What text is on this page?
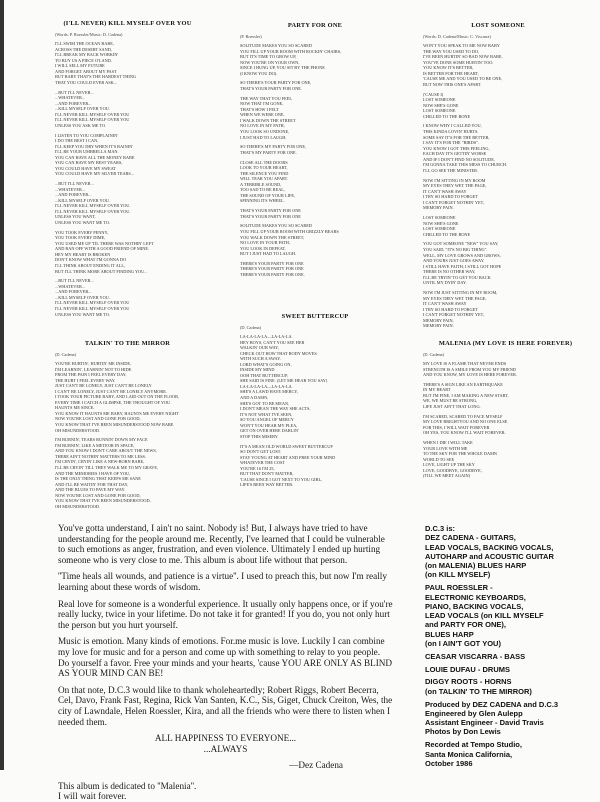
(I'LL NEVER) KILL MYSELF OVER YOU
(Words: P. Roessler/Music: D. Cadena)
I'LL SWIM THE OCEAN BABE,
ACROSS THE DESERT SAND,
I'LL BREAK MY BACK WORKIN'
TO BUY US A PIECE O'LAND.
I WILL SELL MY FUTURE
AND FORGET ABOUT MY PAST
BUT BABY THAT'S THE HARDEST THING
THAT YOU COULD EVER ASK...
...BUT I'LL NEVER...
...WHATEVER...
...AND FOREVER...
...KILL MYSELF OVER YOU.
I'LL NEVER KILL MYSELF OVER YOU
I'LL NEVER KILL MYSELF OVER YOU
UNLESS YOU ASK ME TO.
I LISTEN TO YOU COMPLAININ'
I DO THE BEST I CAN,
I'LL KEEP YOU DRY WHEN IT'S RAININ'
I'LL BE YOUR UMBRELLA MAN.
YOU CAN HAVE ALL THE MONEY BABE
YOU CAN HAVE MY BEST YEARS,
YOU COULD HAVE MY SWEAT
YOU COULD HAVE MY SILVER TEARS...
...BUT I'LL NEVER...
...WHATEVER...
...AND FOREVER...
...KILL MYSELF OVER YOU.
I'LL NEVER KILL MYSELF OVER YOU.
I'LL NEVER KILL MYSELF OVER YOU.
UNLESS YOU WANT,
UNLESS YOU WANT ME TO.
YOU TOOK EVERY PENNY,
YOU TOOK EVERY DIME,
YOU USED ME UP 'TIL THERE WAS NOTHIN' LEFT
AND RAN OFF WITH A GOOD FRIEND OF MINE.
HEY MY HEART IS BROKEN
DON'T KNOW WHAT I'M GONNA DO
I'LL THINK ABOUT ENDING IT ALL,
BUT I'LL THINK MORE ABOUT FINDING YOU...
...BUT I'LL NEVER...
...WHATEVER...
...AND FOREVER...
...KILL MYSELF OVER YOU.
I'LL NEVER KILL MYSELF OVER YOU
I'LL NEVER KILL MYSELF OVER YOU
UNLESS YOU WANT ME TO.
TALKIN' TO THE MIRROR
(D. Cadena)
YOU'RE HURTIN', HURTIN' ME INSIDE,
I'M LEARNIN', LEARNIN' NOT TO HIDE
FROM THE PAIN I FEEL EVERY DAY,
THE HURT I FEEL EVERY WAY.
JUST CAN'T BE LONELY, JUST CAN'T BE LONELY
I CAN'T BE LONELY, JUST CAN'T BE LONELY ANYMORE.
I TOOK YOUR PICTURE BABY, AND LAID OUT ON THE FLOOR,
EVERY TIME I CATCH A GLIMPSE, THE THOUGHT OF YOU
HAUNTS ME SINCE.
YOU KNOW IT HAUNTS ME BABY, HAUNTS ME EVERY NIGHT
NOW YOU'RE LOST AND GONE FOR GOOD,
YOU KNOW THAT I'VE BEEN MISUNDERSTOOD NOW BABE
OH MISUNDERSTOOD.
I'M BURNIN', TEARS RUNNIN' DOWN MY FACE
I'M BURNIN', LIKE A METEOR IN SPACE,
AND YOU KNOW I DON'T CARE ABOUT THE NEWS,
THERE AIN'T NOTHIN' MATTERS TO ME LESS.
I'M CRYIN', CRYIN' LIKE A NEW-BORN BABE,
I'LL BE CRYIN' TILL THEY WALK ME TO MY GRAVE,
AND THE MEMORIES I HAVE OF YOU,
IS THE ONLY THING THAT KEEPS ME SANE
AND I'LL BE WAITIN' FOR THAT DAY,
AND THE BLUES TO PAVE MY WAY.
NOW YOU'RE LOST AND GONE FOR GOOD,
YOU KNOW THAT I'VE BEEN MISUNDERSTOOD,
OH MISUNDERSTOOD.
PARTY FOR ONE
(P. Roessler)
SOLITUDE MAKES YOU SO SCARED
YOU FILL UP YOUR ROOM WITH ROCKIN' CHAIRS,
BUT IT'S TIME TO GROW UP,
NOW YOU'RE ON YOUR OWN,
SINCE I HUNG UP, YOU SIT BY THE PHONE
(I KNOW YOU DO).
SO THERE'S YOUR PARTY FOR ONE,
THAT'S YOUR PARTY FOR ONE.
THE WAY THAT YOU FEEL
NOW THAT I'M GONE,
THAT'S HOW I FELT
WHEN WE WERE ONE.
I WALK DOWN THE STREET
NO LOVE IN MY PATH,
YOU LOOK SO UNDONE,
I JUST HAD TO LAUGH.
SO THERE'S MY PARTY FOR ONE,
THAT'S MY PARTY FOR ONE.
CLOSE ALL THE DOORS
LOOK TO YOUR HEART,
THE SILENCE YOU FIND
WILL TEAR YOU APART.
A TERRIBLE SOUND,
TOO SAD TO BE REAL,
THE SOUND OF YOUR LIFE,
SPINNING ITS WHEEL.
THAT'S YOUR PARTY FOR ONE
THAT'S YOUR PARTY FOR ONE
SOLITUDE MAKES YOU SO SCARED
YOU FILL UP YOUR ROOM WITH GRIZZLY BEARS
YOU WALK DOWN THE STREET,
NO LOVE IN YOUR PATH,
YOU LOOK IN DEFEAT,
BUT I JUST HAD TO LAUGH.
THERE'S YOUR PARTY FOR ONE
THERE'S YOUR PARTY FOR ONE
THERE'S YOUR PARTY FOR ONE.
SWEET BUTTERCUP
(D. Cadena)
LA-LA-LA-LA—LA-LA-LA.
HEY BOYS, CAN'T YOU SEE HER
WALKIN' OUR WAY,
CHECK OUT HOW THAT BODY MOVES
WITH SUCH A SWAY.
LORD WHAT'S GOING ON,
INSIDE MY MIND
OOH THAT BUTTERCUP,
SHE SAID IS FINE. (LET ME HEAR YOU SAY)
LA-LA-LA-LA—LA-LA-LA.
SHE'S A LAWD HAVE MERCY,
AND A DAMN,
SHE'S GOT TO BE MEAN,
I DON'T MEAN THE WAY SHE ACTS,
IT'S NOT WHAT I'VE SEEN,
SO YOU ANGEL OF MERCY
WON'T YOU HEAR MY PLEA,
GET ON OVER HERE DARLIN'
STOP THIS MISERY.
IT'S A MEAN OLD WORLD SWEET BUTTERCUP
SO DON'T GET LOST.
STAY YOUNG AT HEART AND FREE YOUR MIND
WHATEVER THE COST
YOU'RE 16 I'M 25,
BUT THAT DON'T MATTER,
'CAUSE SINCE I GOT NEXT TO YOU GIRL,
LIFE'S BEEN WAY BETTER.
LOST SOMEONE
(Words: D. Cadena/Music: C. Viscarra)
WON'T YOU SPEAK TO ME NOW BABY
THE WAY YOU USED TO DO,
I'VE BEEN HURTIN' SO BAD NOW BABE,
YOU'VE DONE SOME HURTIN' TOO.
YOU KNOW IT'S BETTER,
IS BETTER FOR THE HEART,
'CAUSE ME AND YOU USED TO BE ONE,
BUT NOW THIS ONE'S APART.
('CAUSE I)
LOST SOMEONE
NOW SHE'S GONE
LOST SOMEONE
CHILLED TO THE BONE
I KNOW WHY I CALLED YOU,
THIS KINDA LOVIN' HURTS.
SOME SAY IT'S FOR THE BETTER,
I SAY IT'S FOR THE "BIRDS".
YOU KNOW I GOT THIS FEELING,
EACH DAY IT'S GETTIN' WORSE
AND IF I DON'T FIND NO SOLITUDE,
I'M GONNA TAKE THIS MESS TO CHURCH.
I'LL GO SEE THE MINISTER.
NOW I'M SITTING IN MY ROOM
MY EYES THEY WET THE PAGE,
IT CAN'T WASH AWAY
I TRY SO HARD TO FORGET
I CAN'T FORGET NOTHIN' YET,
MEMORY PAIN.
LOST SOMEONE
NOW SHE'S GONE
LOST SOMEONE
CHILLED TO THE BONE
YOU GOT SOMEONE "NEW" YOU SAY,
YOU SAID, "IT'S NO BIG THING".
WELL, MY LOVE GROWS AND GROWS,
AND YOURS JUST GOES AWAY.
I STILL HAVE FAITH, I STILL GOT HOPE
THERE IS NO OTHER WAY,
I'LL BE TRYIN' TO GET YOU BACK
UNTIL MY DYIN' DAY.
NOW I'M JUST SITTING IN MY ROOM,
MY EYES THEY WET THE PAGE,
IT CAN'T WASH AWAY
I TRY SO HARD TO FORGET
I CAN'T FORGET NOTHIN' YET,
MEMORY PAIN,
MEMORY PAIN.
MALENIA (MY LOVE IS HERE FOREVER)
(D. Cadena)
MY LOVE IS A FLAME THAT NEVER ENDS
STRENGTH IS A SMILE FROM YOU MY FRIEND
AND YOU KNOW, MY LOVE IS HERE FOREVER.
THERE'S A SIGN LIKE AN EARTHQUAKE
IN MY HEART
BUT I'M FINE, I AM MAKING A NEW START,
WE, WE MUST BE STRONG,
LIFE JUST AIN'T THAT LONG.
I'M SCARED, SCARED TO FACE MYSELF
MY LOVE BRIGHTYOU AND NO ONE ELSE
FOR THIS, I WILL WAIT FOREVER
OH YES, YOU KNOW I'LL WAIT FOREVER.
WHEN I DIE I WILL TAKE
YOUR LOVE WITH ME
TO THE SKY FOR THE WHOLE DAMN
WORLD TO SEE
LOVE, LIGHT UP THE SKY
LOVE, GOODBYE, GOODBYE,
(TILL WE MEET AGAIN)

You've gotta understand, I ain't no saint. Nobody is! But, I always have tried to have understanding for the people around me. Recently, I've learned that I could be vulnerable to such emotions as anger, frustration, and even violence. Ultimately I ended up hurting someone who is very close to me. This album is about life without that person.

''Time heals all wounds, and patience is a virtue''. I used to preach this, but now I'm really learning about these words of wisdom.

Real love for someone is a wonderful experience. It usually only happens once, or if you're really lucky, twice in your lifetime. Do not take it for granted! If you do, you not only hurt the person but you hurt yourself.

Music is emotion. Many kinds of emotions. For.me music is love. Luckily I can combine my love for music and for a person and come up with something to relay to you people. Do yourself a favor. Free your minds and your hearts, 'cause YOU ARE ONLY AS BLIND AS YOUR MIND CAN BE!

On that note, D.C.3 would like to thank wholeheartedly; Robert Riggs, Robert Becerra, Cel, Davo, Frank Fast, Regina, Rick Van Santen, K.C., Sis, Giget, Chuck Creiton, Wes, the city of Lawndale, Helen Roessler, Kira, and all the friends who were there to listen when I needed them.

ALL HAPPINESS TO EVERYONE...
...ALWAYS
—Dez Cadena
This album is dedicated to ''Malenia''.
I will wait forever.
D.C.3 is:
DEZ CADENA - GUITARS,
LEAD VOCALS, BACKING VOCALS,
AUTOHARP and ACOUSTIC GUITAR
(on MALENIA) BLUES HARP
(on KILL MYSELF)
PAUL ROESSLER -
ELECTRONIC KEYBOARDS,
PIANO, BACKING VOCALS,
LEAD VOCALS (on KILL MYSELF
and PARTY FOR ONE),
BLUES HARP
(on I AIN'T GOT YOU)
CEASAR VISCARRA - BASS
LOUIE DUFAU - DRUMS
DIGGY ROOTS - HORNS
(on TALKIN' TO THE MIRROR)
Produced by DEZ CADENA and D.C.3
Engineered by Glen Aulepp
Assistant Engineer - David Travis
Photos by Don Lewis
Recorded at Tempo Studio,
Santa Monica California,
October 1986
